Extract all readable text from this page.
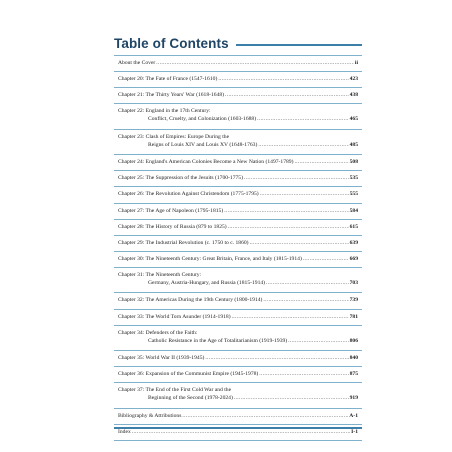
Table of Contents
About the Cover .....	ii
Chapter 20: The Fate of France (1547-1610) .....	423
Chapter 21: The Thirty Years' War (1618-1648) .....	438
Chapter 22: England in the 17th Century:
Conflict, Cruelty, and Colonization (1603-1688) .....	465
Chapter 23: Clash of Empires: Europe During the
Reigns of Louis XIV and Louis XV (1648-1763) .....	485
Chapter 24: England's American Colonies Become a New Nation (1497-1789) .....	508
Chapter 25: The Suppression of the Jesuits (1700-1775) .....	535
Chapter 26: The Revolution Against Christendom (1775-1795) .....	555
Chapter 27: The Age of Napoleon (1795-1815) .....	584
Chapter 28: The History of Russia (879 to 1825) .....	615
Chapter 29: The Industrial Revolution (c. 1750 to c. 1860) .....	639
Chapter 30: The Nineteenth Century: Great Britain, France, and Italy (1815-1914) .....	669
Chapter 31: The Nineteenth Century:
Germany, Austria-Hungary, and Russia (1815-1914) .....	703
Chapter 32: The Americas During the 19th Century (1800-1914) .....	739
Chapter 33: The World Torn Asunder (1914-1918) .....	781
Chapter 34: Defenders of the Faith:
Catholic Resistance in the Age of Totalitarianism (1919-1939) .....	806
Chapter 35: World War II (1939-1945) .....	840
Chapter 36: Expansion of the Communist Empire (1945-1978) .....	875
Chapter 37: The End of the First Cold War and the
Beginning of the Second (1978-2024) .....	919
Bibliography & Attributions .....	A-1
Index .....	I-1
